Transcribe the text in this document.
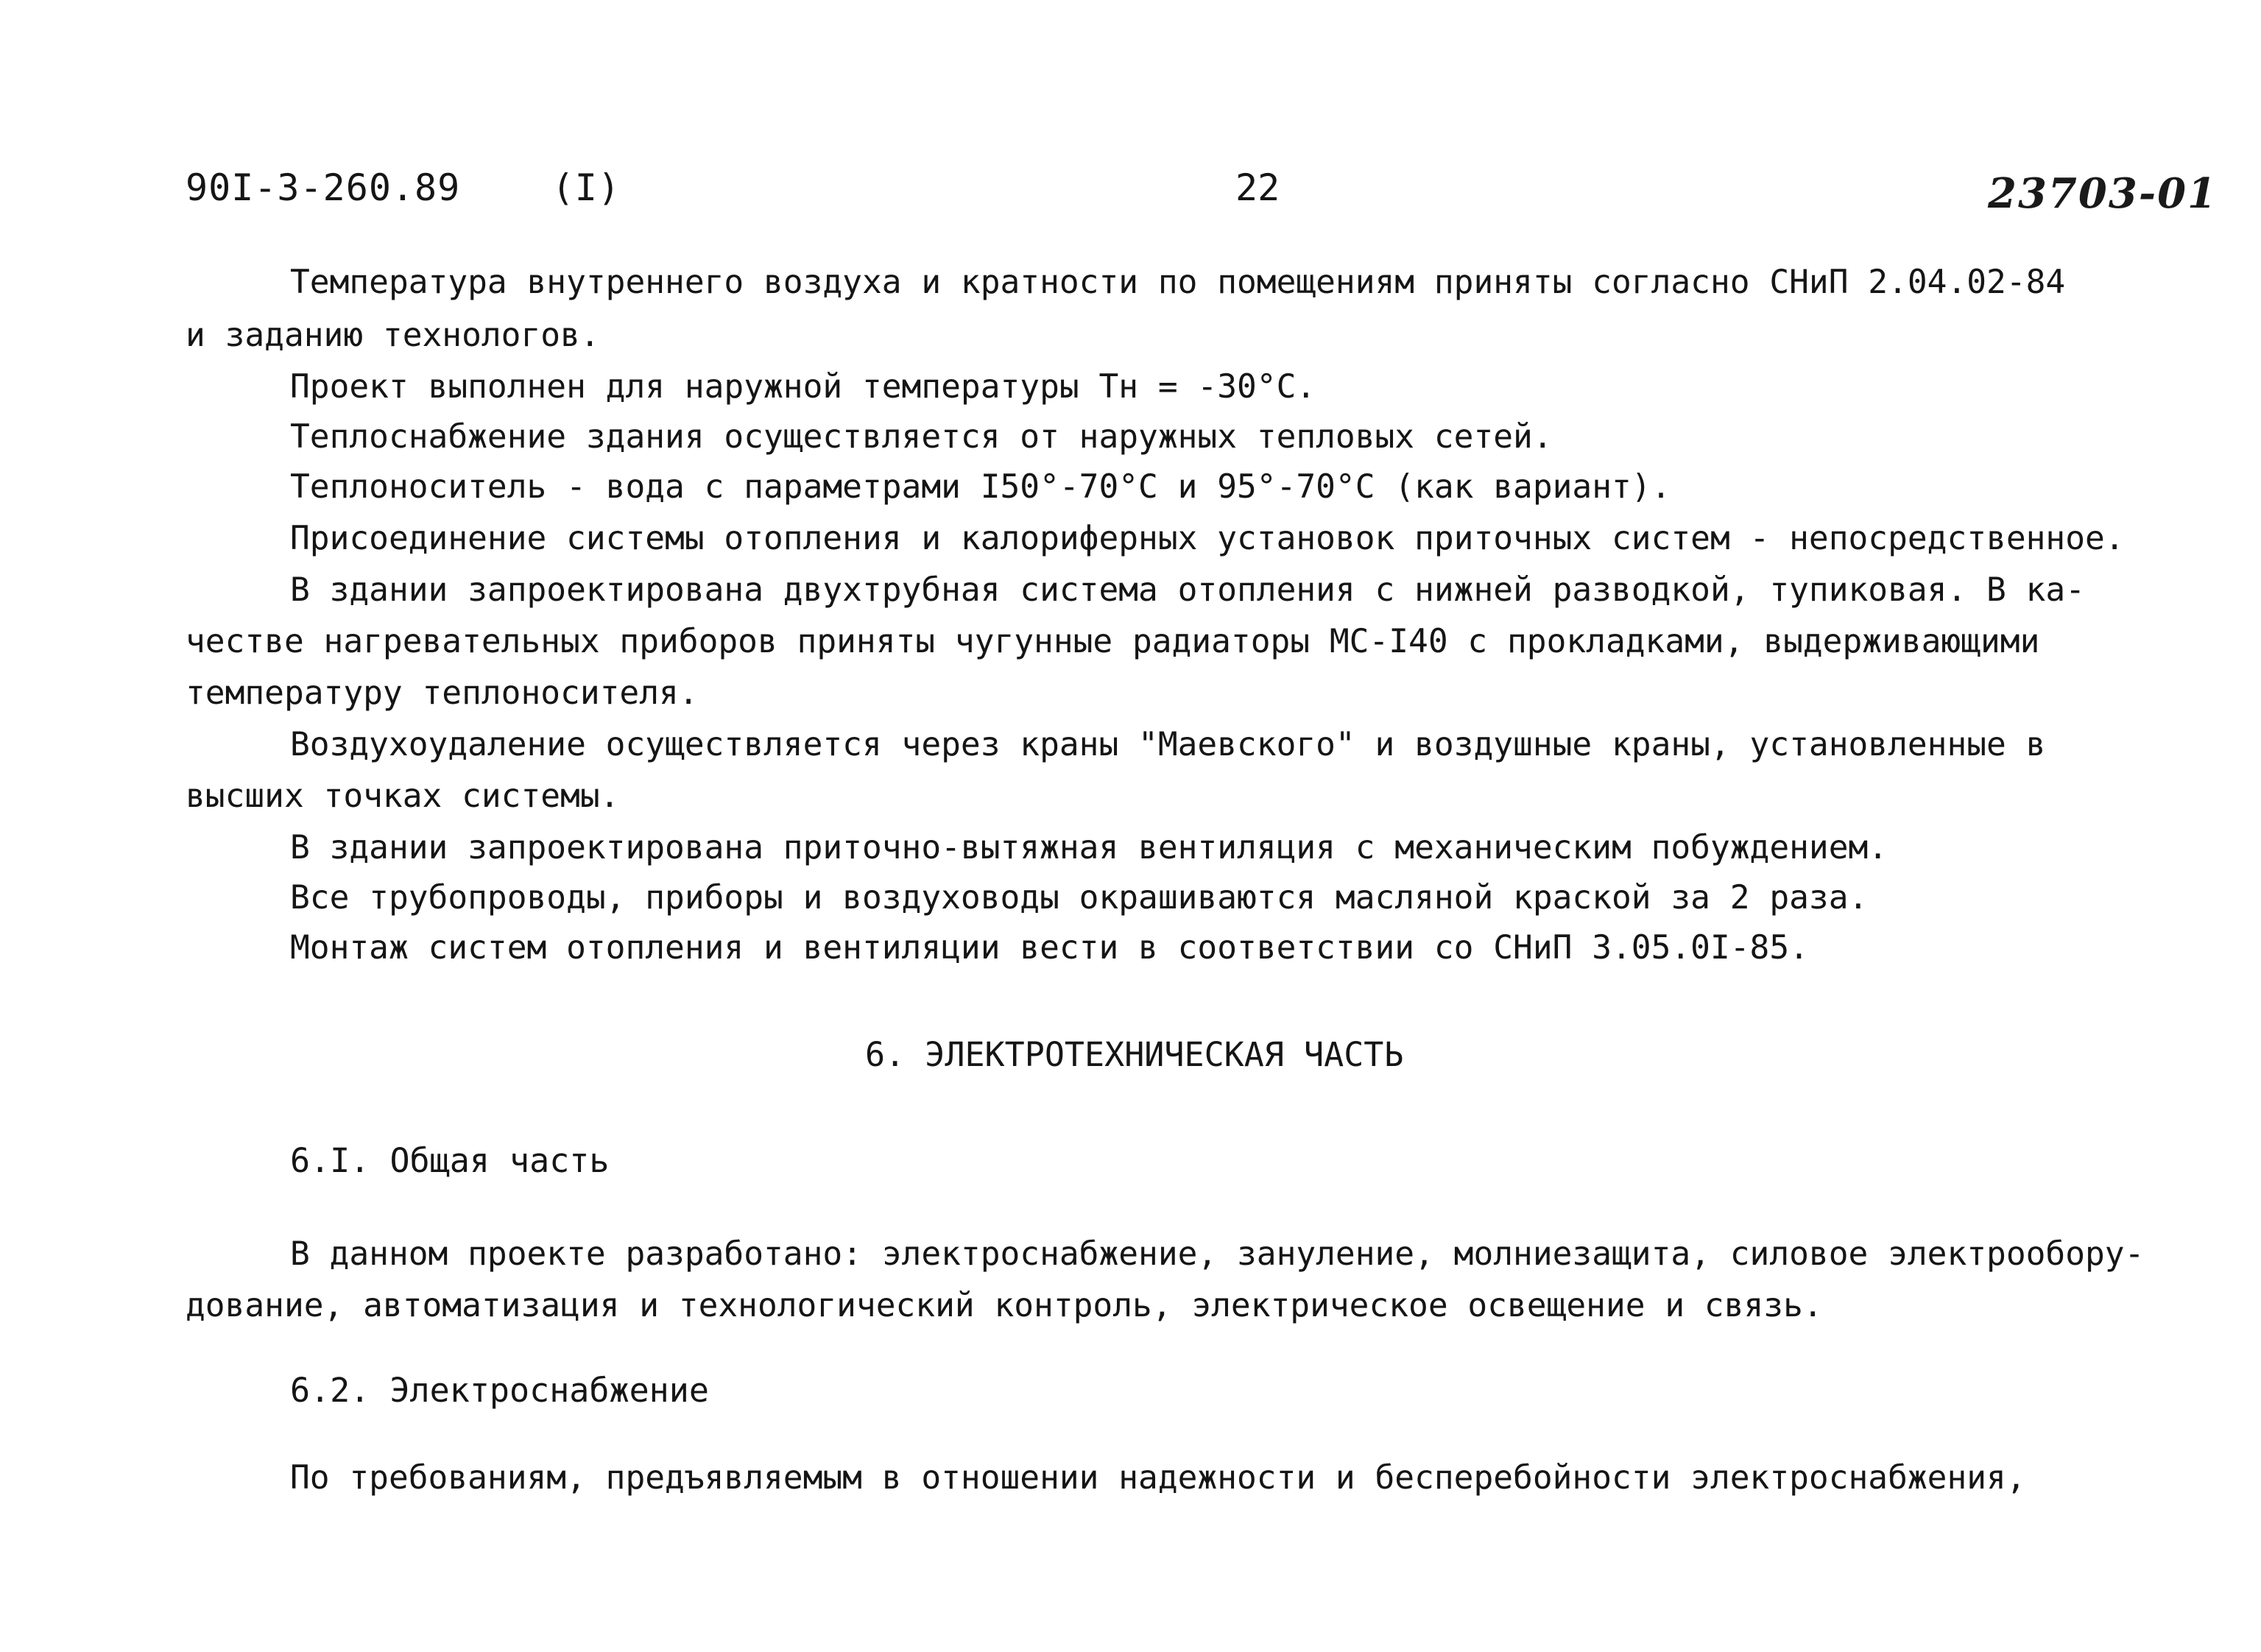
90I-3-260.89 (I)	22	23703-01
Температура внутреннего воздуха и кратности по помещениям приняты согласно СНиП 2.04.02-84
и заданию технологов.
Проект выполнен для наружной температуры Тн = -30°С.
Теплоснабжение здания осуществляется от наружных тепловых сетей.
Теплоноситель - вода с параметрами I50°-70°С и 95°-70°С (как вариант).
Присоединение системы отопления и калориферных установок приточных систем - непосредственное.
В здании запроектирована двухтрубная система отопления с нижней разводкой, тупиковая. В ка-
честве нагревательных приборов приняты чугунные радиаторы МС-I40 с прокладками, выдерживающими
температуру теплоносителя.
Воздухоудаление осуществляется через краны "Маевского" и воздушные краны, установленные в
высших точках системы.
В здании запроектирована приточно-вытяжная вентиляция с механическим побуждением.
Все трубопроводы, приборы и воздуховоды окрашиваются масляной краской за 2 раза.
Монтаж систем отопления и вентиляции вести в соответствии со СНиП 3.05.0I-85.
6. ЭЛЕКТРОТЕХНИЧЕСКАЯ ЧАСТЬ
6.I. Общая часть
В данном проекте разработано: электроснабжение, зануление, молниезащита, силовое электрообору-
дование, автоматизация и технологический контроль, электрическое освещение и связь.
6.2. Электроснабжение
По требованиям, предъявляемым в отношении надежности и бесперебойности электроснабжения,
